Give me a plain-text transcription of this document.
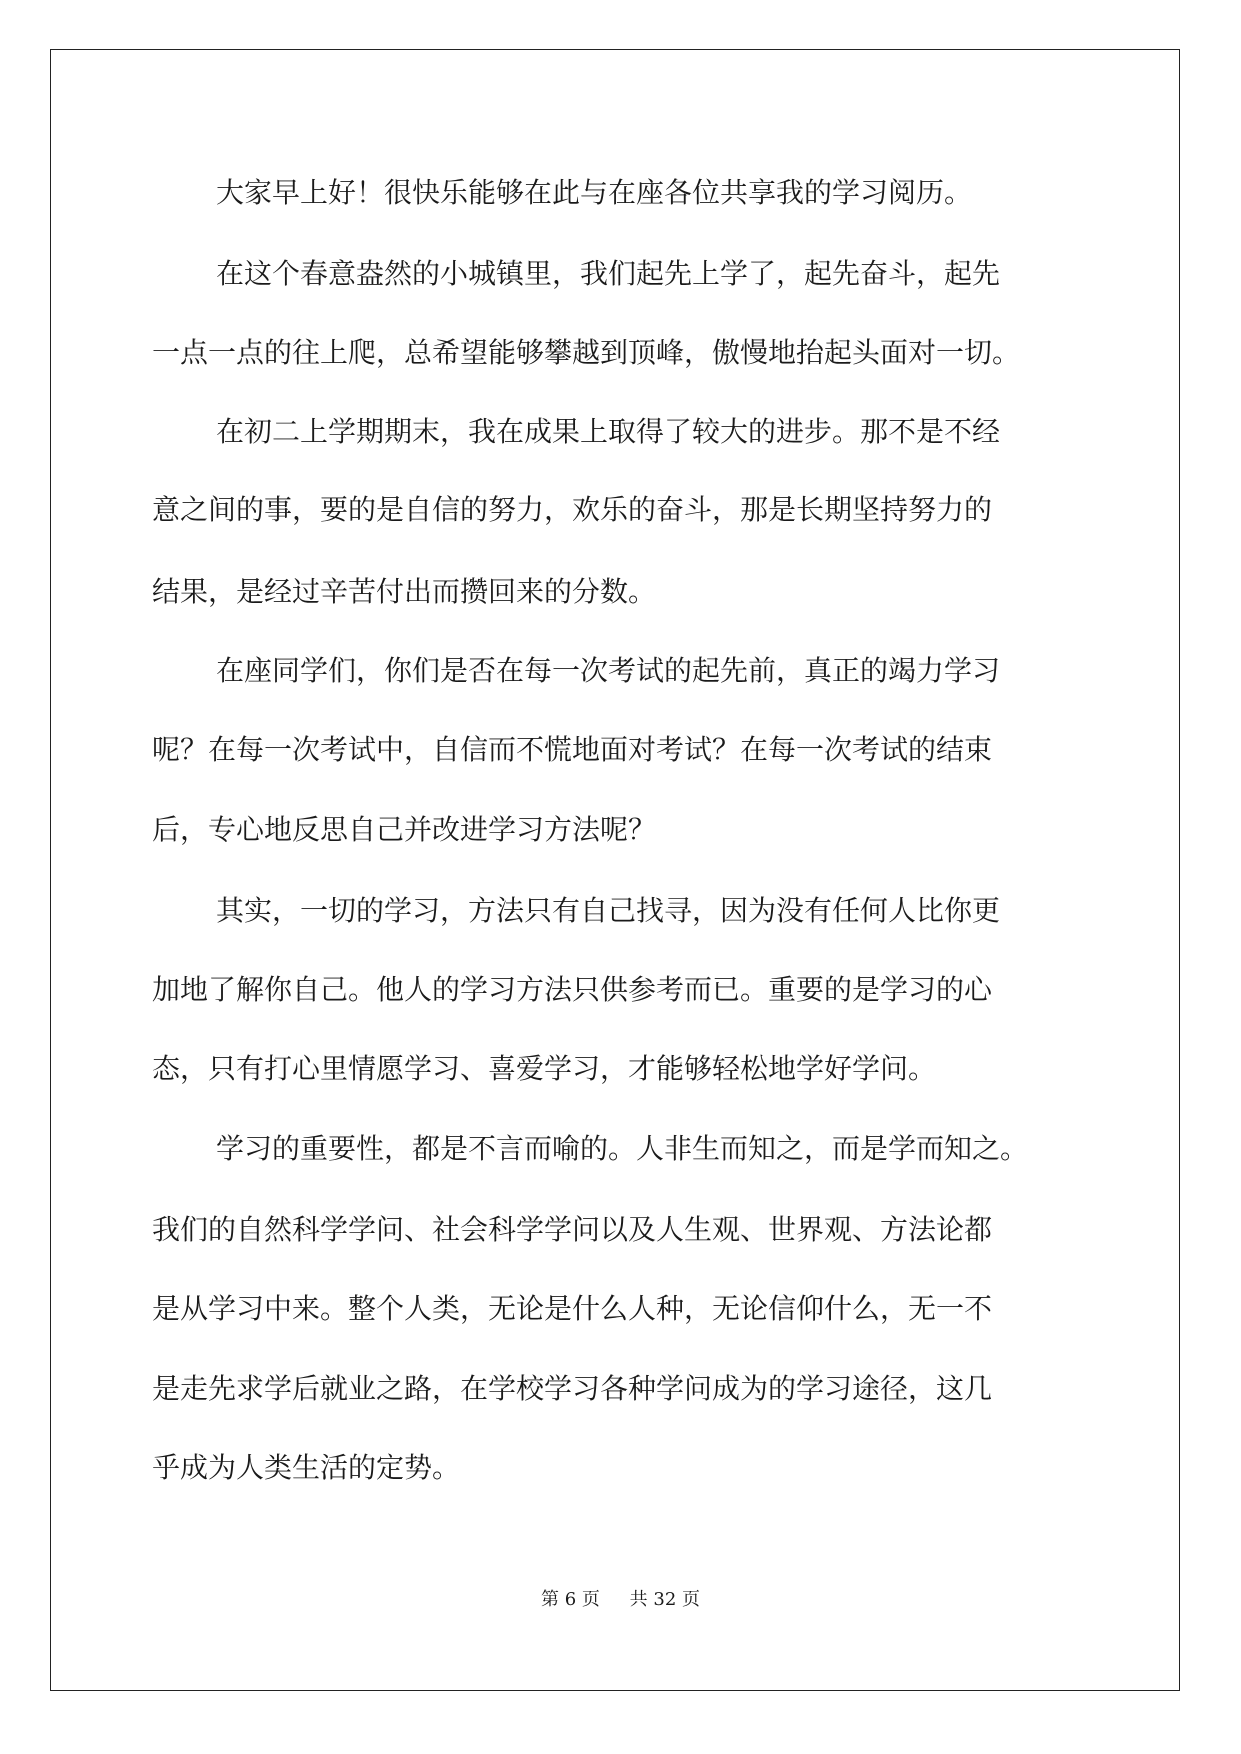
大家早上好！很快乐能够在此与在座各位共享我的学习阅历。
在这个春意盎然的小城镇里，我们起先上学了，起先奋斗，起先
一点一点的往上爬，总希望能够攀越到顶峰，傲慢地抬起头面对一切。
在初二上学期期末，我在成果上取得了较大的进步。那不是不经
意之间的事，要的是自信的努力，欢乐的奋斗，那是长期坚持努力的
结果，是经过辛苦付出而攒回来的分数。
在座同学们，你们是否在每一次考试的起先前，真正的竭力学习
呢？在每一次考试中，自信而不慌地面对考试？在每一次考试的结束
后，专心地反思自己并改进学习方法呢？
其实，一切的学习，方法只有自己找寻，因为没有任何人比你更
加地了解你自己。他人的学习方法只供参考而已。重要的是学习的心
态，只有打心里情愿学习、喜爱学习，才能够轻松地学好学问。
学习的重要性，都是不言而喻的。人非生而知之，而是学而知之。
我们的自然科学学问、社会科学学问以及人生观、世界观、方法论都
是从学习中来。整个人类，无论是什么人种，无论信仰什么，无一不
是走先求学后就业之路，在学校学习各种学问成为的学习途径，这几
乎成为人类生活的定势。
第 6 页 共 32 页
